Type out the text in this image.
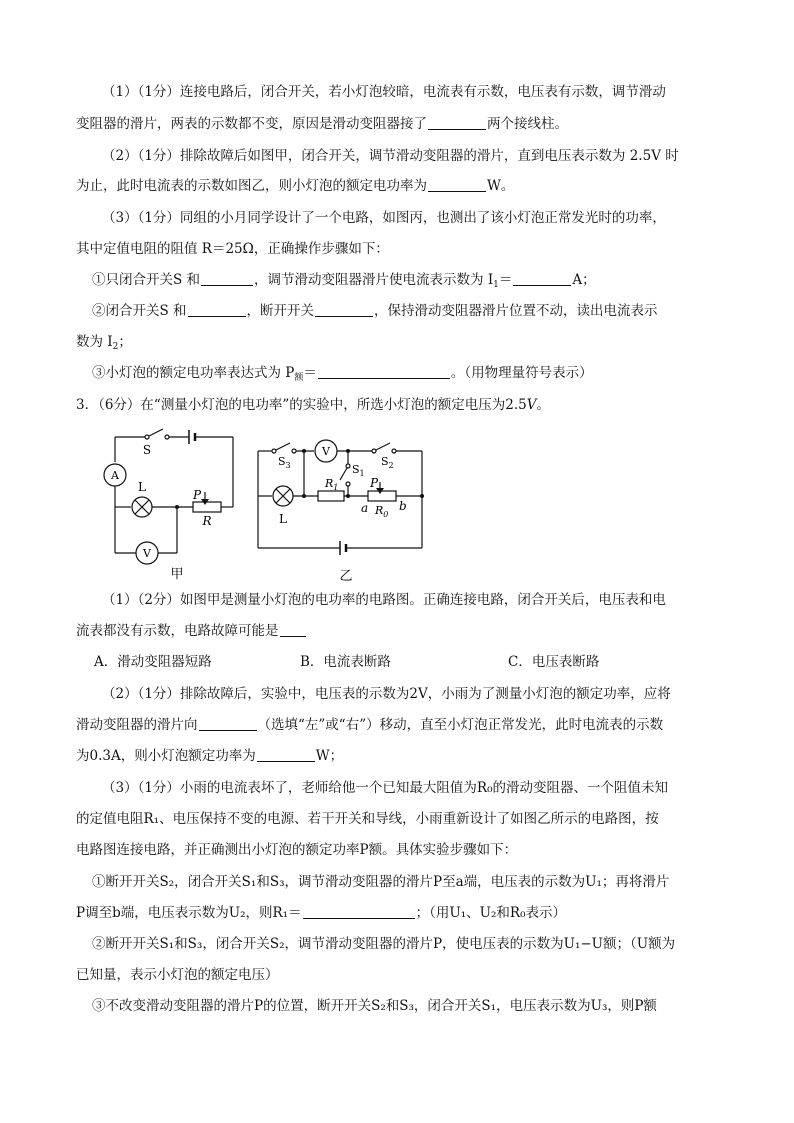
（1）（1分）连接电路后，闭合开关，若小灯泡较暗，电流表有示数，电压表有示数，调节滑动
变阻器的滑片，两表的示数都不变，原因是滑动变阻器接了	两个接线柱。
（2）（1分）排除故障后如图甲，闭合开关，调节滑动变阻器的滑片，直到电压表示数为 2.5V 时
为止，此时电流表的示数如图乙，则小灯泡的额定电功率为	W。
（3）（1分）同组的小月同学设计了一个电路，如图丙，也测出了该小灯泡正常发光时的功率，
其中定值电阻的阻值 R＝25Ω，正确操作步骤如下：
①只闭合开关S 和	，调节滑动变阻器滑片使电流表示数为 $I_1=$	A；
②闭合开关S 和	，断开开关	，保持滑动变阻器滑片位置不动，读出电流表示
数为 $I_2$；
③小灯泡的额定电功率表达式为 $P_额=$	。（用物理量符号表示）
3．（6分）在“测量小灯泡的电功率”的实验中，所选小灯泡的额定电压为2.5V。
S
A
L
V
P
R
甲
$S_3$
V
$S_1$
$S_2$
L
$R_1$	P
a $R_0$
b
乙
（1）（2分）如图甲是测量小灯泡的电功率的电路图。正确连接电路，闭合开关后，电压表和电
流表都没有示数，电路故障可能是
A．滑动变阻器短路	B．电流表断路	C．电压表断路
（2）（1分）排除故障后，实验中，电压表的示数为2V，小雨为了测量小灯泡的额定功率，应将
滑动变阻器的滑片向	（选填“左”或“右”）移动，直至小灯泡正常发光，此时电流表的示数
为0.3A，则小灯泡额定功率为	W；
（3）（1分）小雨的电流表坏了，老师给他一个已知最大阻值为R₀的滑动变阻器、一个阻值未知
的定值电阻R₁、电压保持不变的电源、若干开关和导线，小雨重新设计了如图乙所示的电路图，按
电路图连接电路，并正确测出小灯泡的额定功率P额。具体实验步骤如下：
①断开开关S₂，闭合开关S₁和S₃，调节滑动变阻器的滑片P至a端，电压表的示数为U₁；再将滑片
P调至b端，电压表示数为U₂，则R₁＝	；（用U₁、U₂和R₀表示）
②断开开关S₁和S₃，闭合开关S₂，调节滑动变阻器的滑片P，使电压表的示数为U₁−U额；（U额为
已知量，表示小灯泡的额定电压）
③不改变滑动变阻器的滑片P的位置，断开开关S₂和S₃，闭合开关S₁，电压表示数为U₃，则P额
